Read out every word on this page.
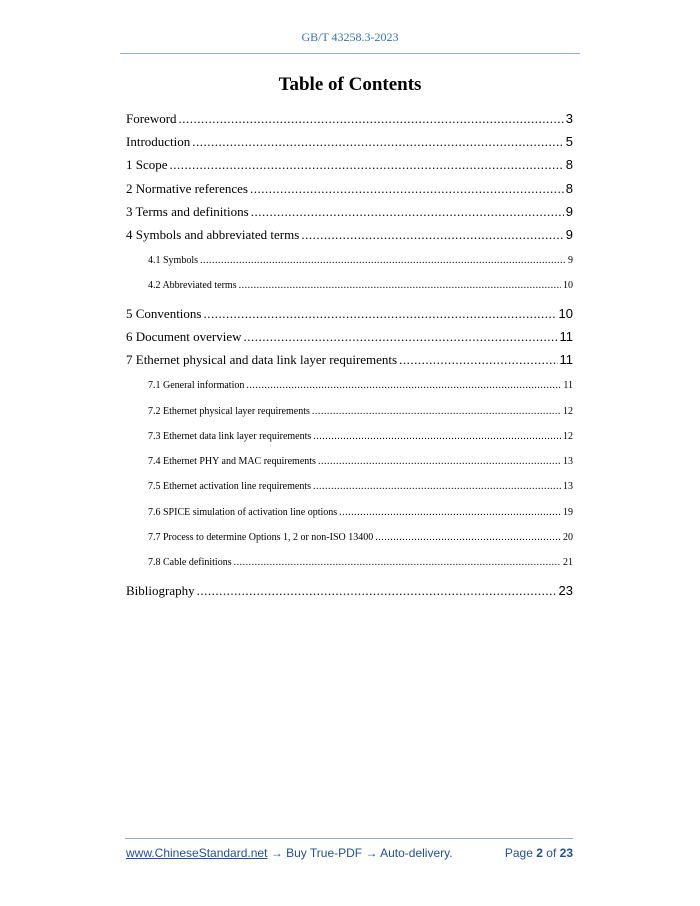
GB/T 43258.3-2023
Table of Contents
Foreword .....	3
Introduction .....	5
1 Scope .....	8
2 Normative references .....	8
3 Terms and definitions .....	9
4 Symbols and abbreviated terms .....	9
4.1 Symbols .....	9
4.2 Abbreviated terms .....	10
5 Conventions .....	10
6 Document overview .....	11
7 Ethernet physical and data link layer requirements .....	11
7.1 General information .....	11
7.2 Ethernet physical layer requirements .....	12
7.3 Ethernet data link layer requirements .....	12
7.4 Ethernet PHY and MAC requirements .....	13
7.5 Ethernet activation line requirements .....	13
7.6 SPICE simulation of activation line options .....	19
7.7 Process to determine Options 1, 2 or non-ISO 13400 .....	20
7.8 Cable definitions .....	21
Bibliography .....	23
www.ChineseStandard.net → Buy True-PDF → Auto-delivery.	Page 2 of 23
